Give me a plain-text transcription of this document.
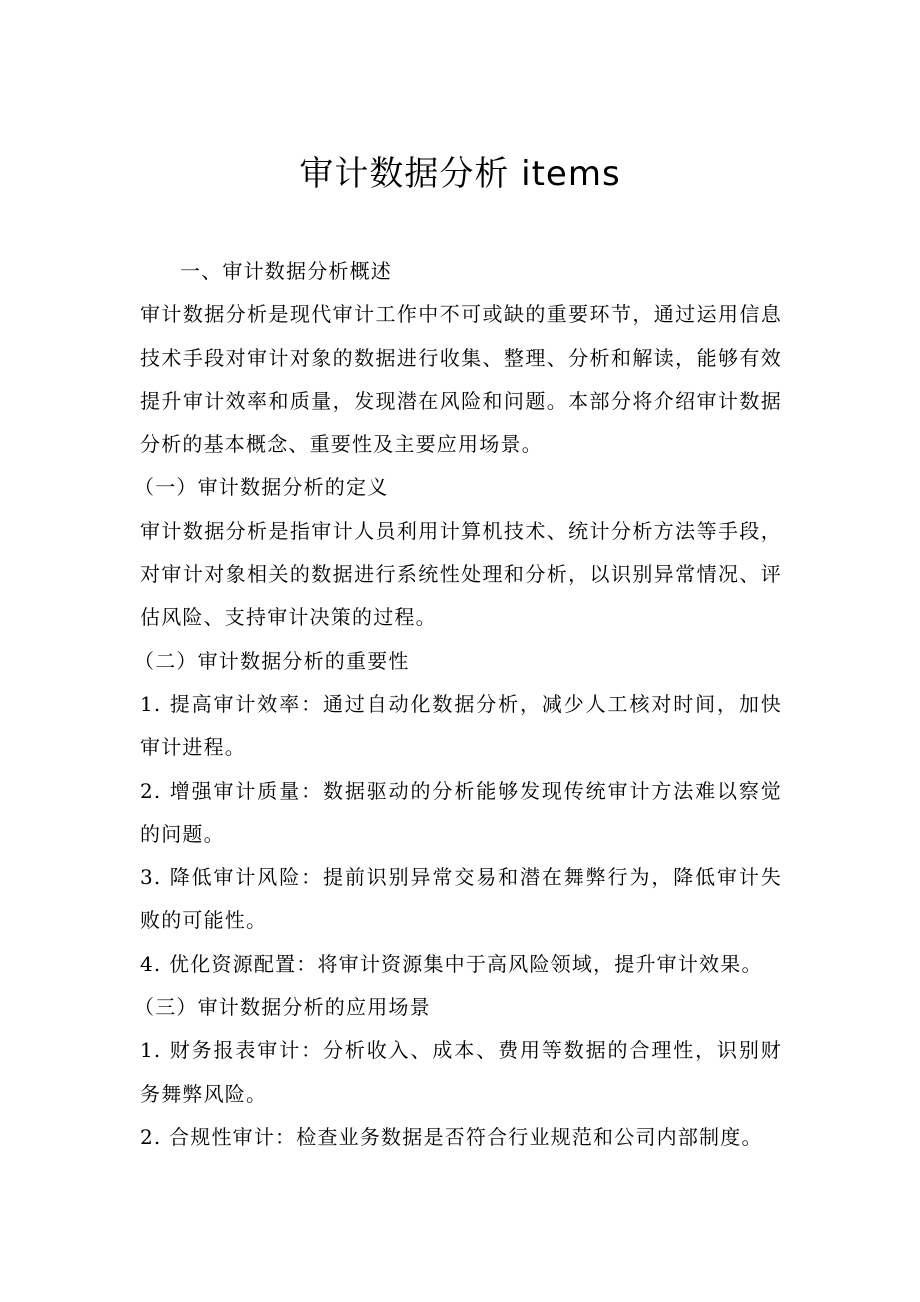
审计数据分析 items

一、审计数据分析概述

审计数据分析是现代审计工作中不可或缺的重要环节，通过运用信息技术手段对审计对象的数据进行收集、整理、分析和解读，能够有效提升审计效率和质量，发现潜在风险和问题。本部分将介绍审计数据分析的基本概念、重要性及主要应用场景。

（一）审计数据分析的定义

审计数据分析是指审计人员利用计算机技术、统计分析方法等手段，对审计对象相关的数据进行系统性处理和分析，以识别异常情况、评估风险、支持审计决策的过程。

（二）审计数据分析的重要性

1. 提高审计效率：通过自动化数据分析，减少人工核对时间，加快审计进程。

2. 增强审计质量：数据驱动的分析能够发现传统审计方法难以察觉的问题。

3. 降低审计风险：提前识别异常交易和潜在舞弊行为，降低审计失败的可能性。

4. 优化资源配置：将审计资源集中于高风险领域，提升审计效果。

（三）审计数据分析的应用场景

1. 财务报表审计：分析收入、成本、费用等数据的合理性，识别财务舞弊风险。

2. 合规性审计：检查业务数据是否符合行业规范和公司内部制度。
